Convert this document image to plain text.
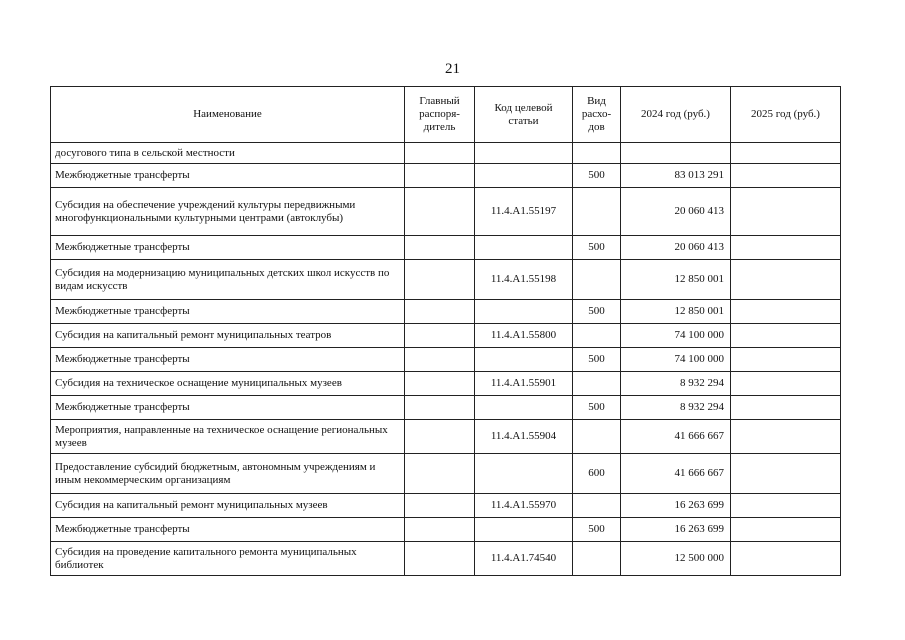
21
Наименование	Главный распоря-дитель	Код целевой статьи	Вид расхо-дов	2024 год (руб.)	2025 год (руб.)
досугового типа в сельской местности					
Межбюджетные трансферты			500	83 013 291	
Субсидия на обеспечение учреждений культуры передвижными многофункциональными культурными центрами (автоклубы)		11.4.А1.55197		20 060 413	
Межбюджетные трансферты			500	20 060 413	
Субсидия на модернизацию муниципальных детских школ искусств по видам искусств		11.4.А1.55198		12 850 001	
Межбюджетные трансферты			500	12 850 001	
Субсидия на капитальный ремонт муниципальных театров		11.4.А1.55800		74 100 000	
Межбюджетные трансферты			500	74 100 000	
Субсидия на техническое оснащение муниципальных музеев		11.4.А1.55901		8 932 294	
Межбюджетные трансферты			500	8 932 294	
Мероприятия, направленные на техническое оснащение региональных музеев		11.4.А1.55904		41 666 667	
Предоставление субсидий бюджетным, автономным учреждениям и иным некоммерческим организациям			600	41 666 667	
Субсидия на капитальный ремонт муниципальных музеев		11.4.А1.55970		16 263 699	
Межбюджетные трансферты			500	16 263 699	
Субсидия на проведение капитального ремонта муниципальных библиотек		11.4.А1.74540		12 500 000	
